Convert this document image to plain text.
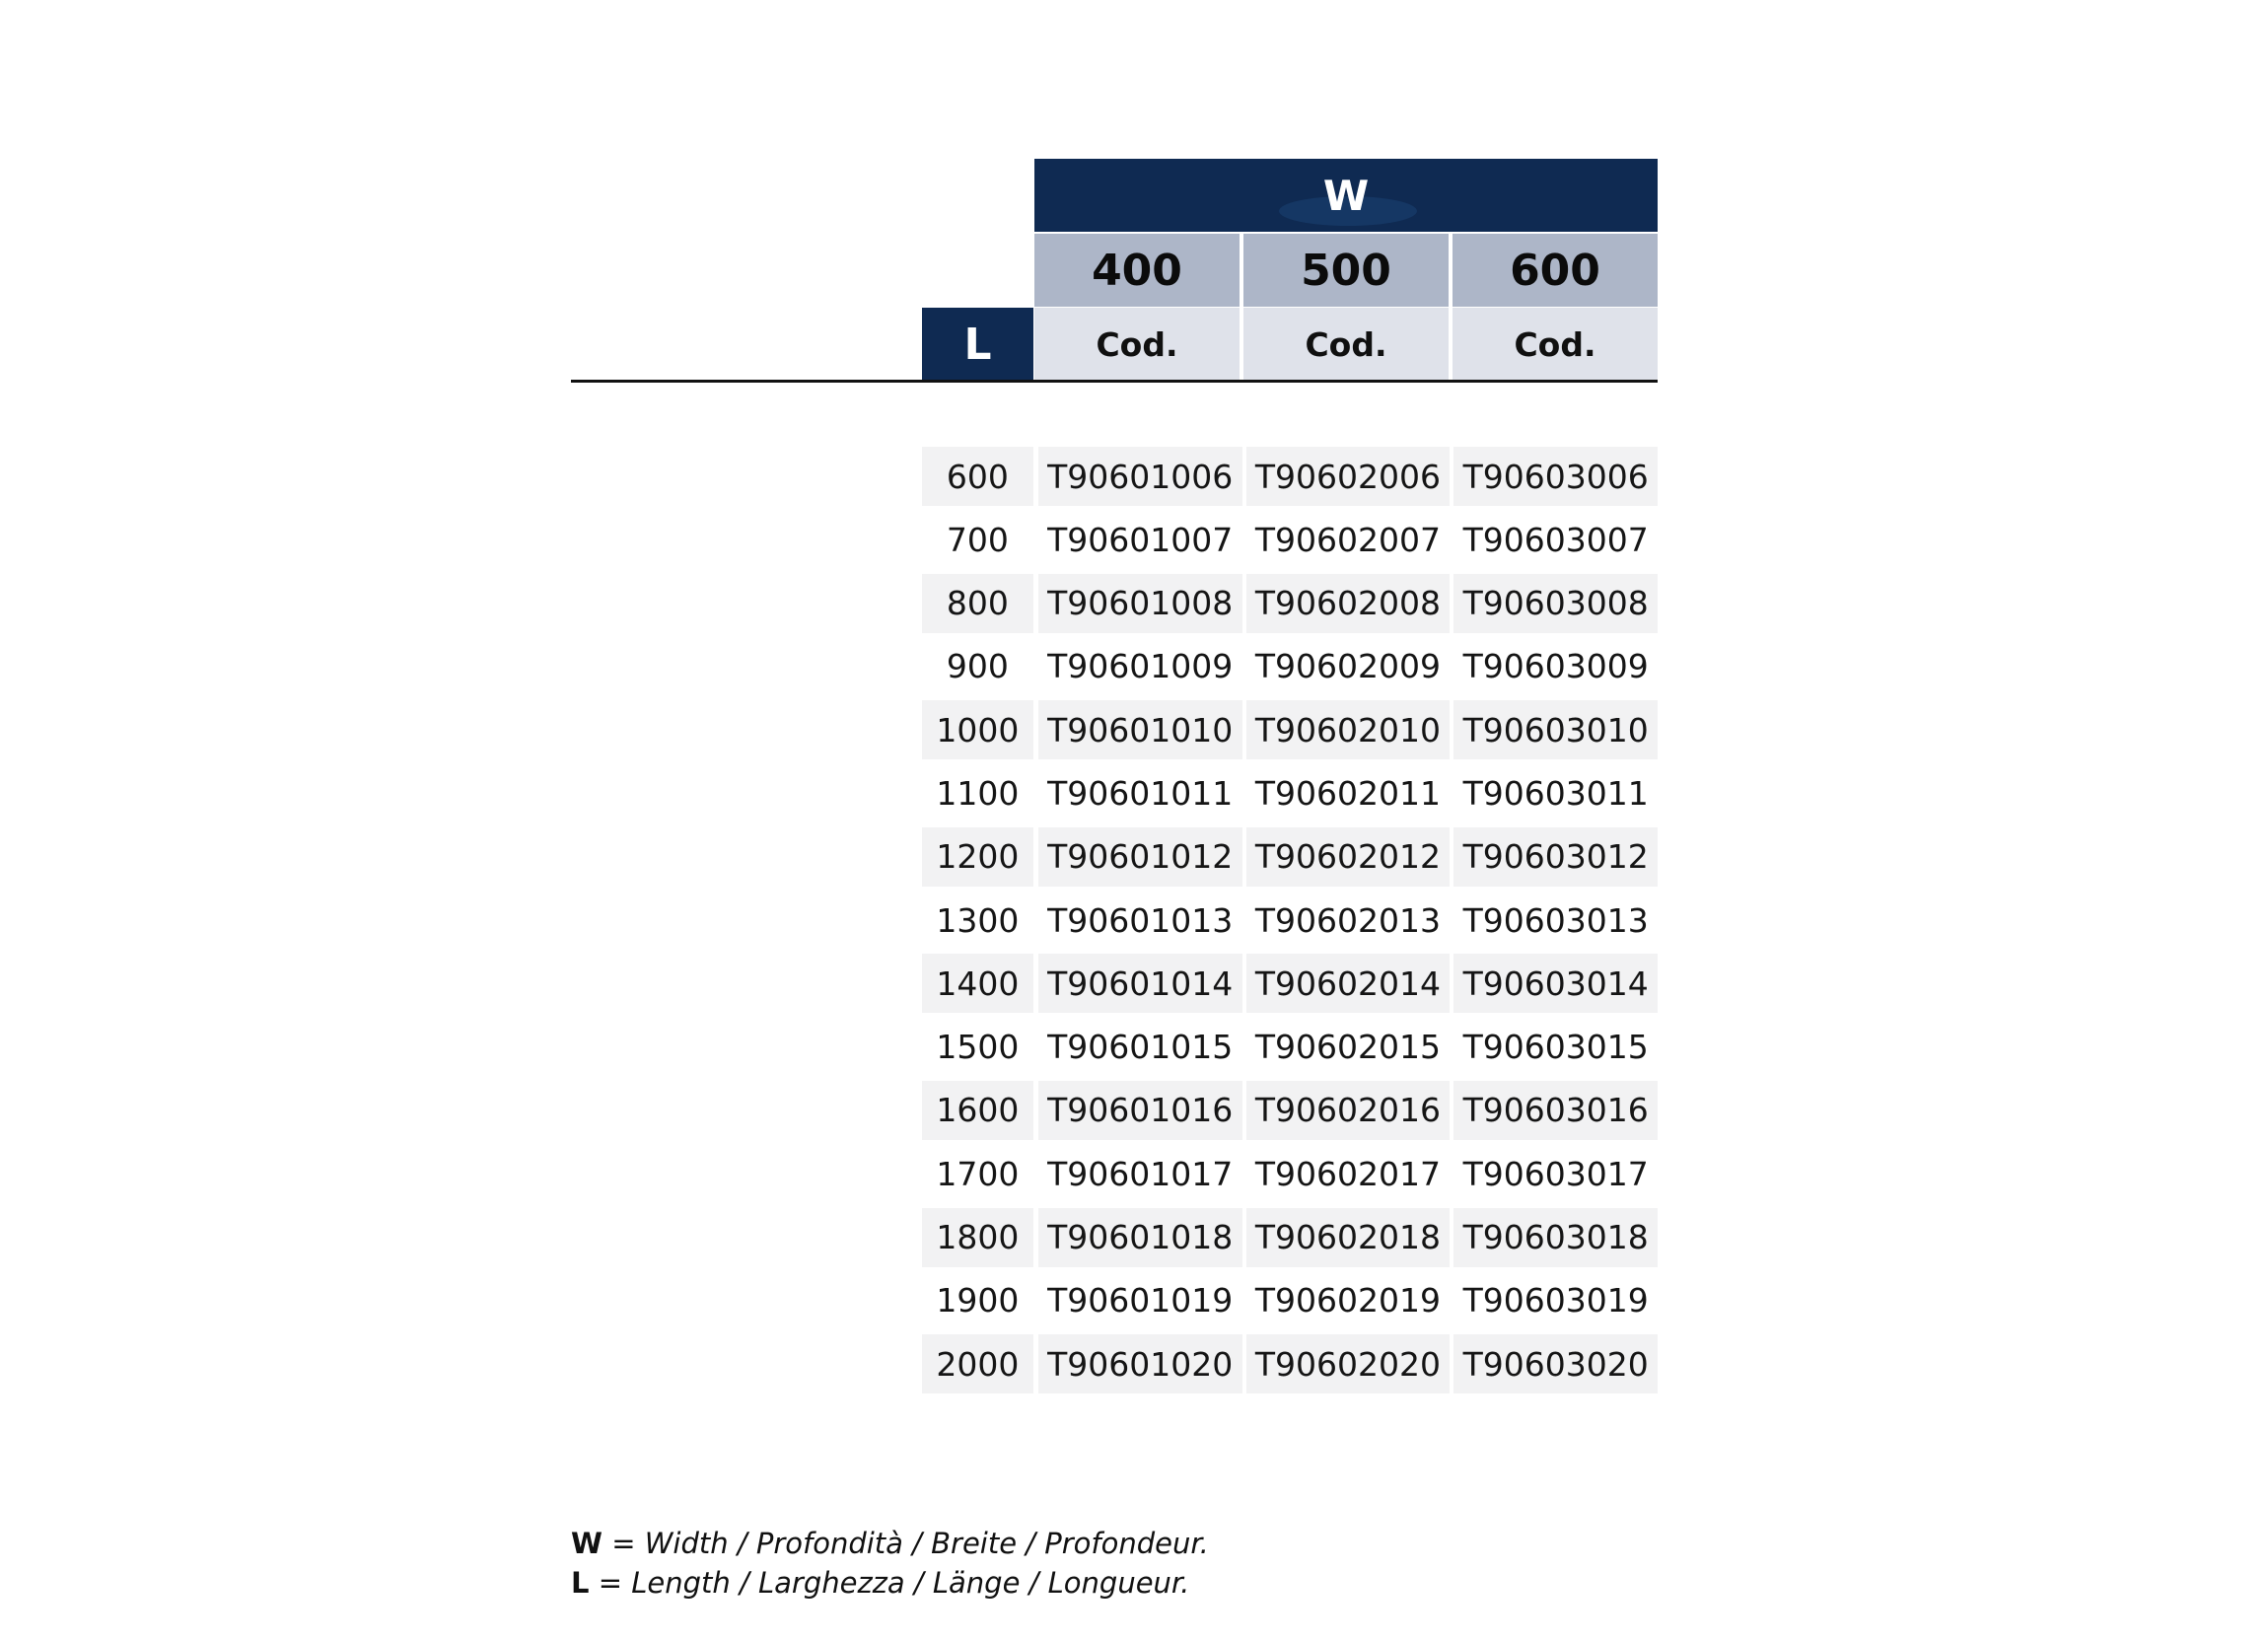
W
400	500	600
L	Cod.	Cod.	Cod.
600	T90601006 T90602006 T90603006
700	T90601007 T90602007 T90603007
800	T90601008 T90602008 T90603008
900	T90601009 T90602009 T90603009
1000 T90601010 T90602010 T90603010
1100 T90601011 T90602011 T90603011
1200 T90601012 T90602012 T90603012
1300 T90601013 T90602013 T90603013
1400 T90601014 T90602014 T90603014
1500 T90601015 T90602015 T90603015
1600 T90601016 T90602016 T90603016
1700 T90601017 T90602017 T90603017
1800 T90601018 T90602018 T90603018
1900 T90601019 T90602019 T90603019
2000 T90601020 T90602020 T90603020
W = Width / Profondità / Breite / Profondeur.
L = Length / Larghezza / Länge / Longueur.
